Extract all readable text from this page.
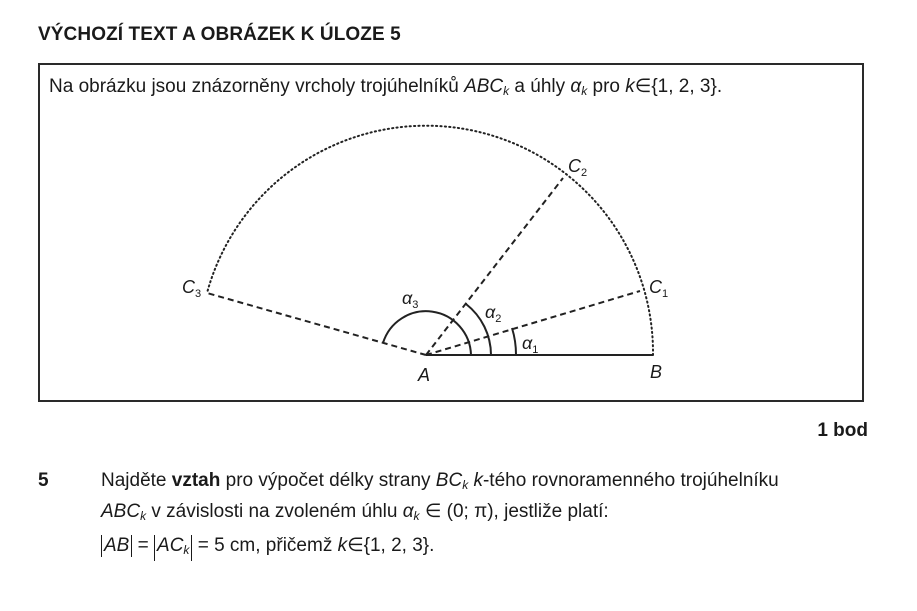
VÝCHOZÍ TEXT A OBRÁZEK K ÚLOZE 5
Na obrázku jsou znázorněny vrcholy trojúhelníků $ABC_k$ a úhly $\alpha_k$ pro k∈{1, 2, 3}.
A	B
$C_1$
$C_2$
$C_3$
$\alpha_1$
$\alpha_2$
$\alpha_3$
1 bod
5	Najděte vztah pro výpočet délky strany $BC_k$ k-tého rovnoramenného trojúhelníku
$ABC_k$ v závislosti na zvoleném úhlu $\alpha_k$ ∈ (0; π), jestliže platí:
AB = $AC_k = 5$ cm, přičemž k∈{1, 2, 3}.
